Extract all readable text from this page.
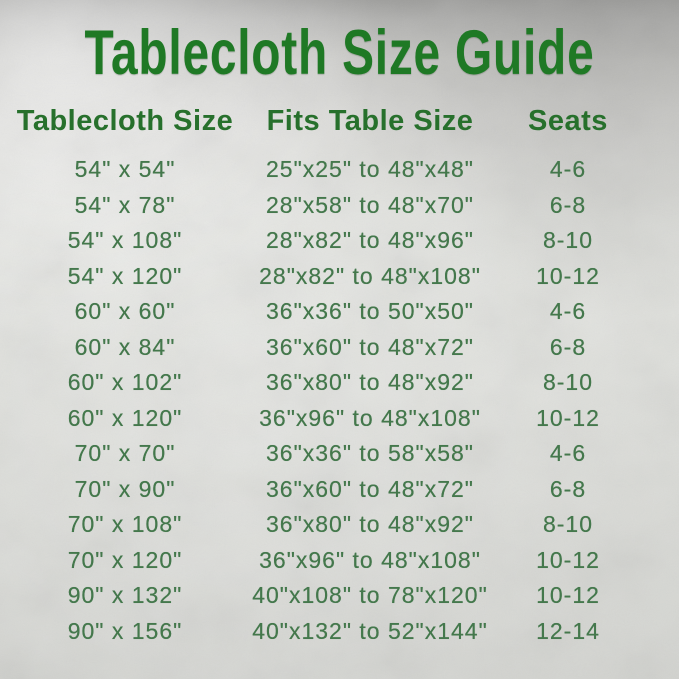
Tablecloth Size Guide
Tablecloth Size	Fits Table Size	Seats
54" x 54"	25"x25" to 48"x48"	4-6
54" x 78"	28"x58" to 48"x70"	6-8
54" x 108"	28"x82" to 48"x96"	8-10
54" x 120"	28"x82" to 48"x108"	10-12
60" x 60"	36"x36" to 50"x50"	4-6
60" x 84"	36"x60" to 48"x72"	6-8
60" x 102"	36"x80" to 48"x92"	8-10
60" x 120"	36"x96" to 48"x108"	10-12
70" x 70"	36"x36" to 58"x58"	4-6
70" x 90"	36"x60" to 48"x72"	6-8
70" x 108"	36"x80" to 48"x92"	8-10
70" x 120"	36"x96" to 48"x108"	10-12
90" x 132"	40"x108" to 78"x120"	10-12
90" x 156"	40"x132" to 52"x144"	12-14
